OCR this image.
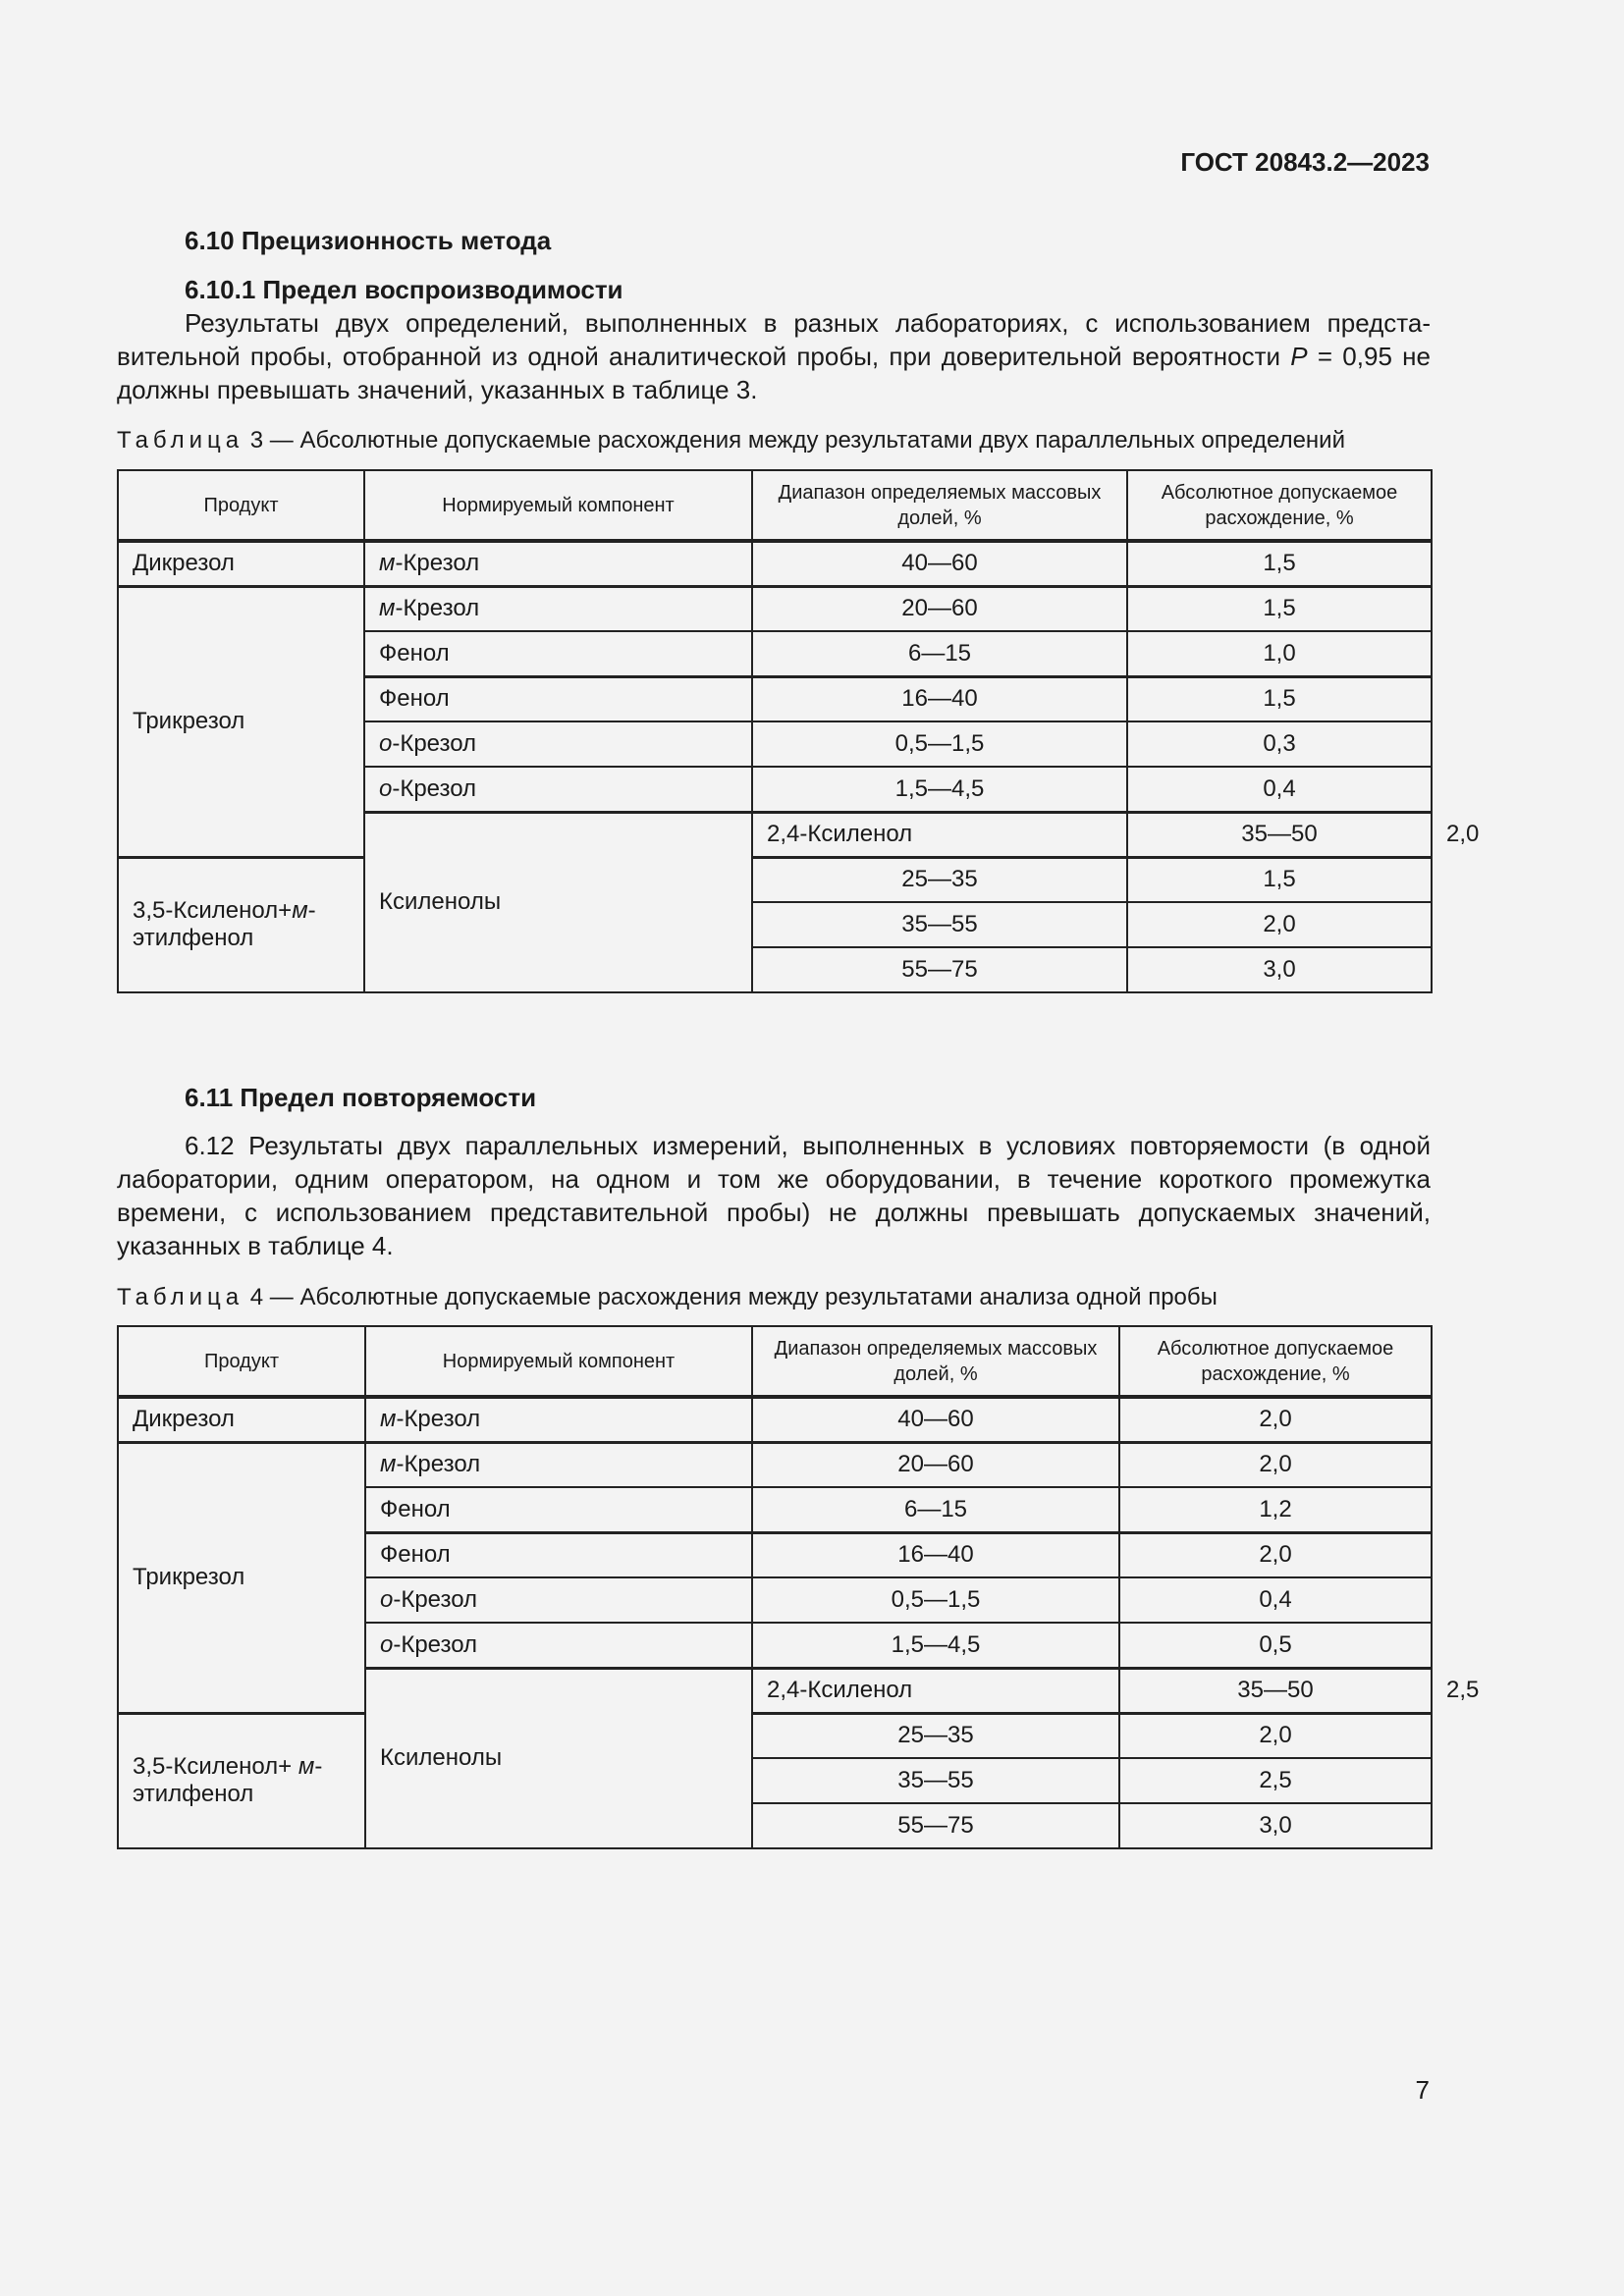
ГОСТ 20843.2—2023
6.10 Прецизионность метода
6.10.1 Предел воспроизводимости
Результаты двух определений, выполненных в разных лабораториях, с использованием представительной пробы, отобранной из одной аналитической пробы, при доверительной вероятности P = 0,95 не должны превышать значений, указанных в таблице 3.
Таблица 3 — Абсолютные допускаемые расхождения между результатами двух параллельных определений
Продукт	Нормируемый компонент	Диапазон определяемых массовых долей, %	Абсолютное допускаемое расхождение, %	
Дикрезол	м-Крезол	40—60	1,5	
Трикрезол	м-Крезол	20—60	1,5	
	Фенол	6—15	1,0	
	Фенол	16—40	1,5	
	о-Крезол	0,5—1,5	0,3	
	о-Крезол	1,5—4,5	0,4	
	Ксиленолы	2,4-Ксиленол	35—50	2,0
3,5-Ксиленол+м-этилфенол		25—35	1,5	
		35—55	2,0	
		55—75	3,0	
6.11 Предел повторяемости
6.12 Результаты двух параллельных измерений, выполненных в условиях повторяемости (в одной лаборатории, одним оператором, на одном и том же оборудовании, в течение короткого промежутка времени, с использованием представительной пробы) не должны превышать допускаемых значений, указанных в таблице 4.
Таблица 4 — Абсолютные допускаемые расхождения между результатами анализа одной пробы
Продукт	Нормируемый компонент	Диапазон определяемых массовых долей, %	Абсолютное допускаемое расхождение, %	
Дикрезол	м-Крезол	40—60	2,0	
Трикрезол	м-Крезол	20—60	2,0	
	Фенол	6—15	1,2	
	Фенол	16—40	2,0	
	о-Крезол	0,5—1,5	0,4	
	о-Крезол	1,5—4,5	0,5	
	Ксиленолы	2,4-Ксиленол	35—50	2,5
3,5-Ксиленол+ м-этилфенол		25—35	2,0	
		35—55	2,5	
		55—75	3,0	
7
